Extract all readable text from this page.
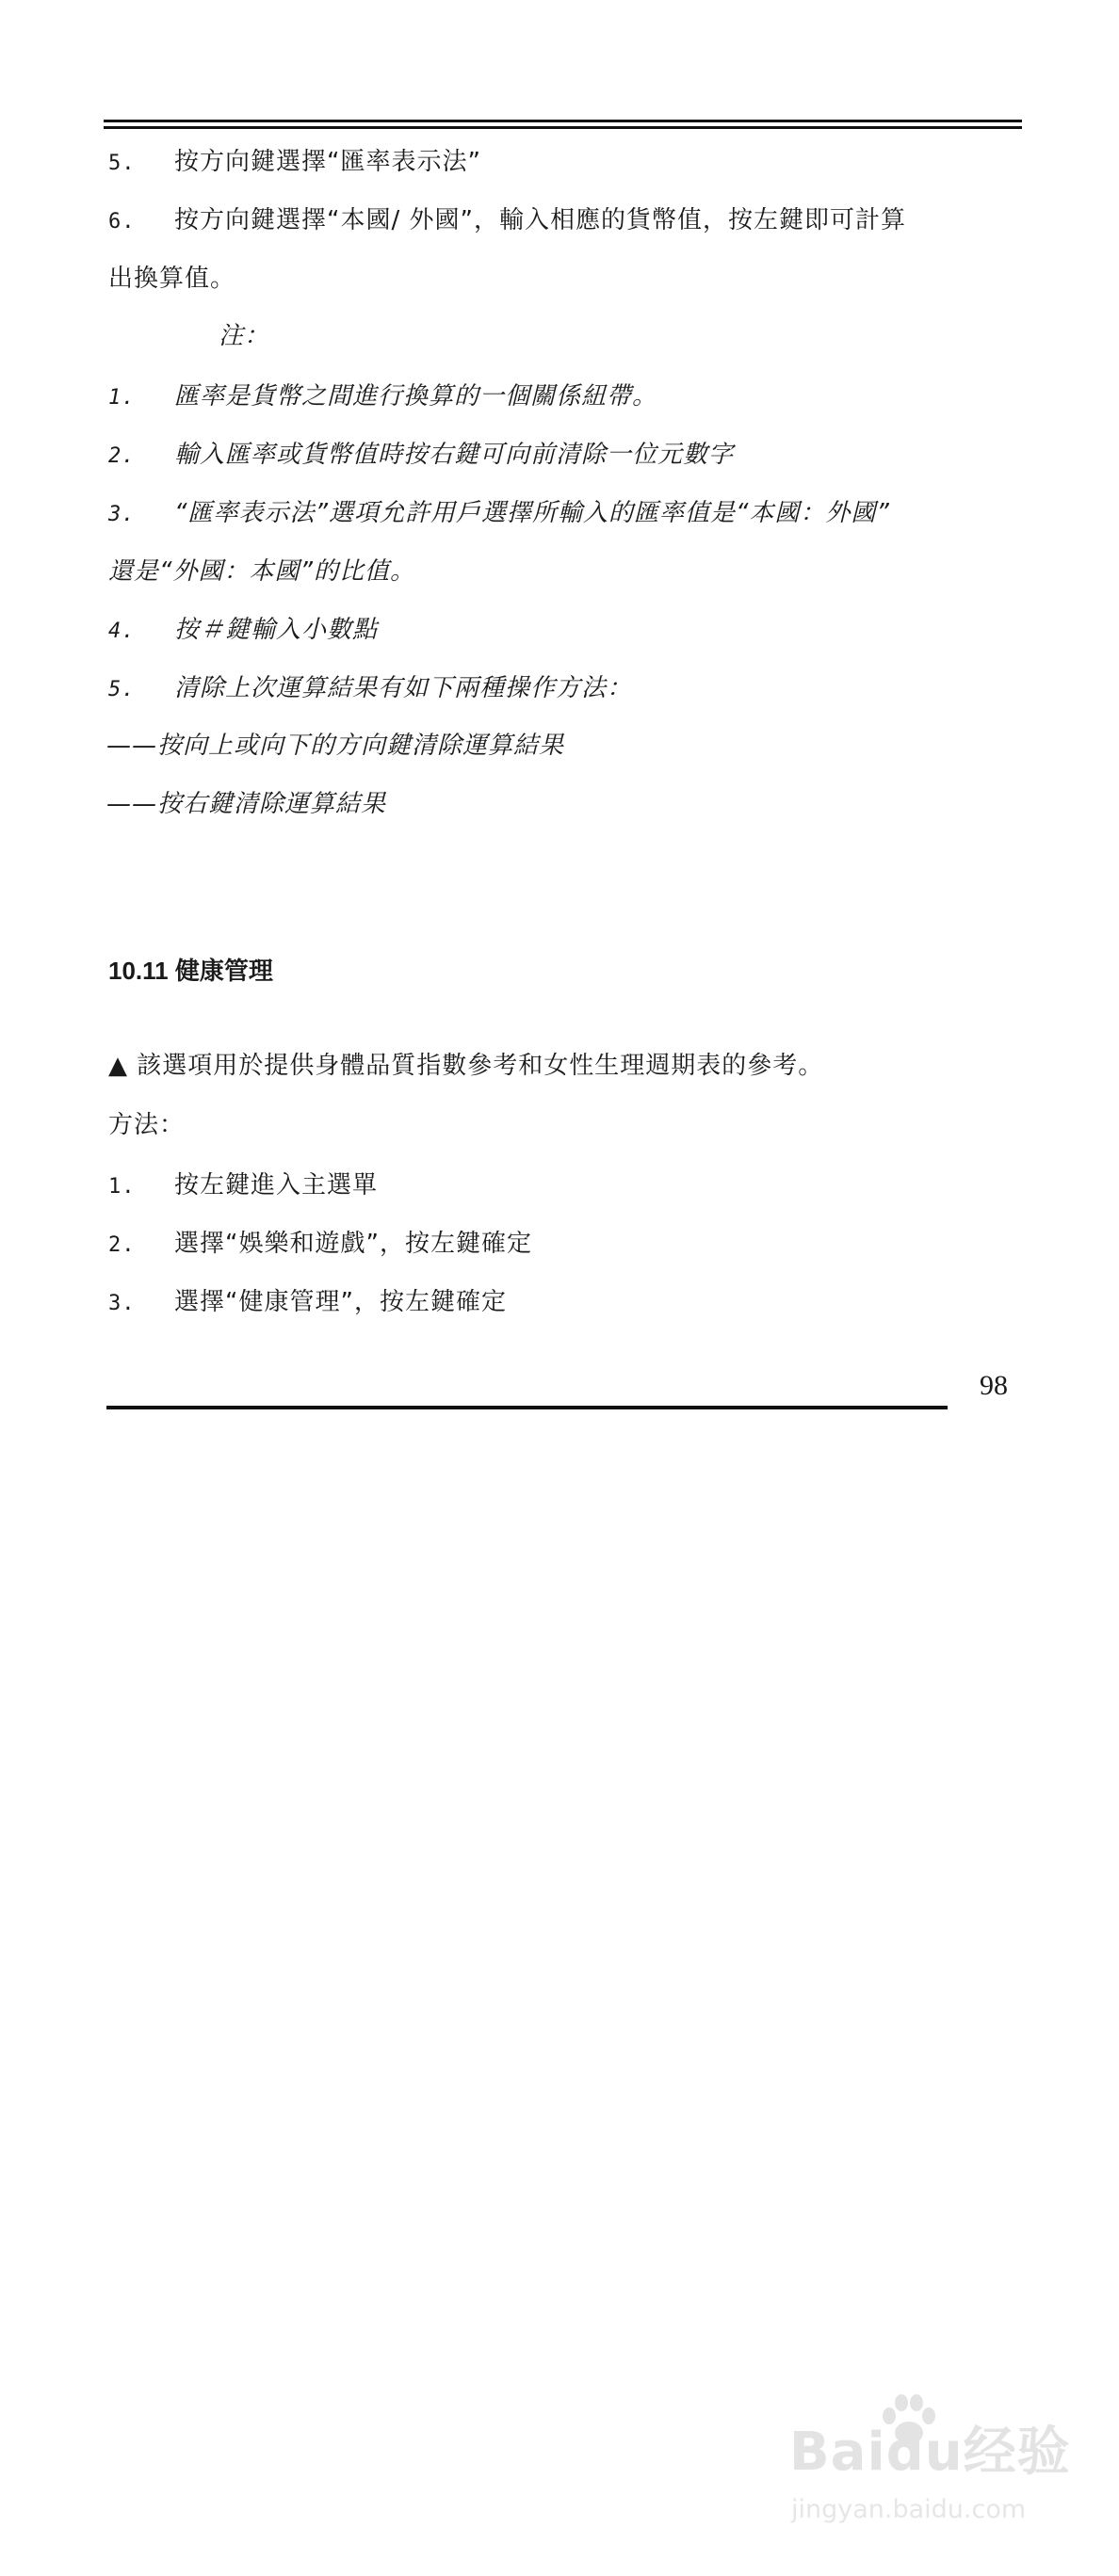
5. 按方向鍵選擇“匯率表示法”
6. 按方向鍵選擇“本國/ 外國”，輸入相應的貨幣值，按左鍵即可計算
出換算值。
注：
1. 匯率是貨幣之間進行換算的一個關係紐帶。
2. 輸入匯率或貨幣值時按右鍵可向前清除一位元數字
3. “匯率表示法”選項允許用戶選擇所輸入的匯率值是“本國：外國”
還是“外國：本國”的比值。
4. 按＃鍵輸入小數點
5. 清除上次運算結果有如下兩種操作方法：
——按向上或向下的方向鍵清除運算結果
——按右鍵清除運算結果
10.11 健康管理
▲ 該選項用於提供身體品質指數參考和女性生理週期表的參考。
方法：
1. 按左鍵進入主選單
2. 選擇“娛樂和遊戲”，按左鍵確定
3. 選擇“健康管理”，按左鍵確定
98
Baidu经验
jingyan.baidu.com
